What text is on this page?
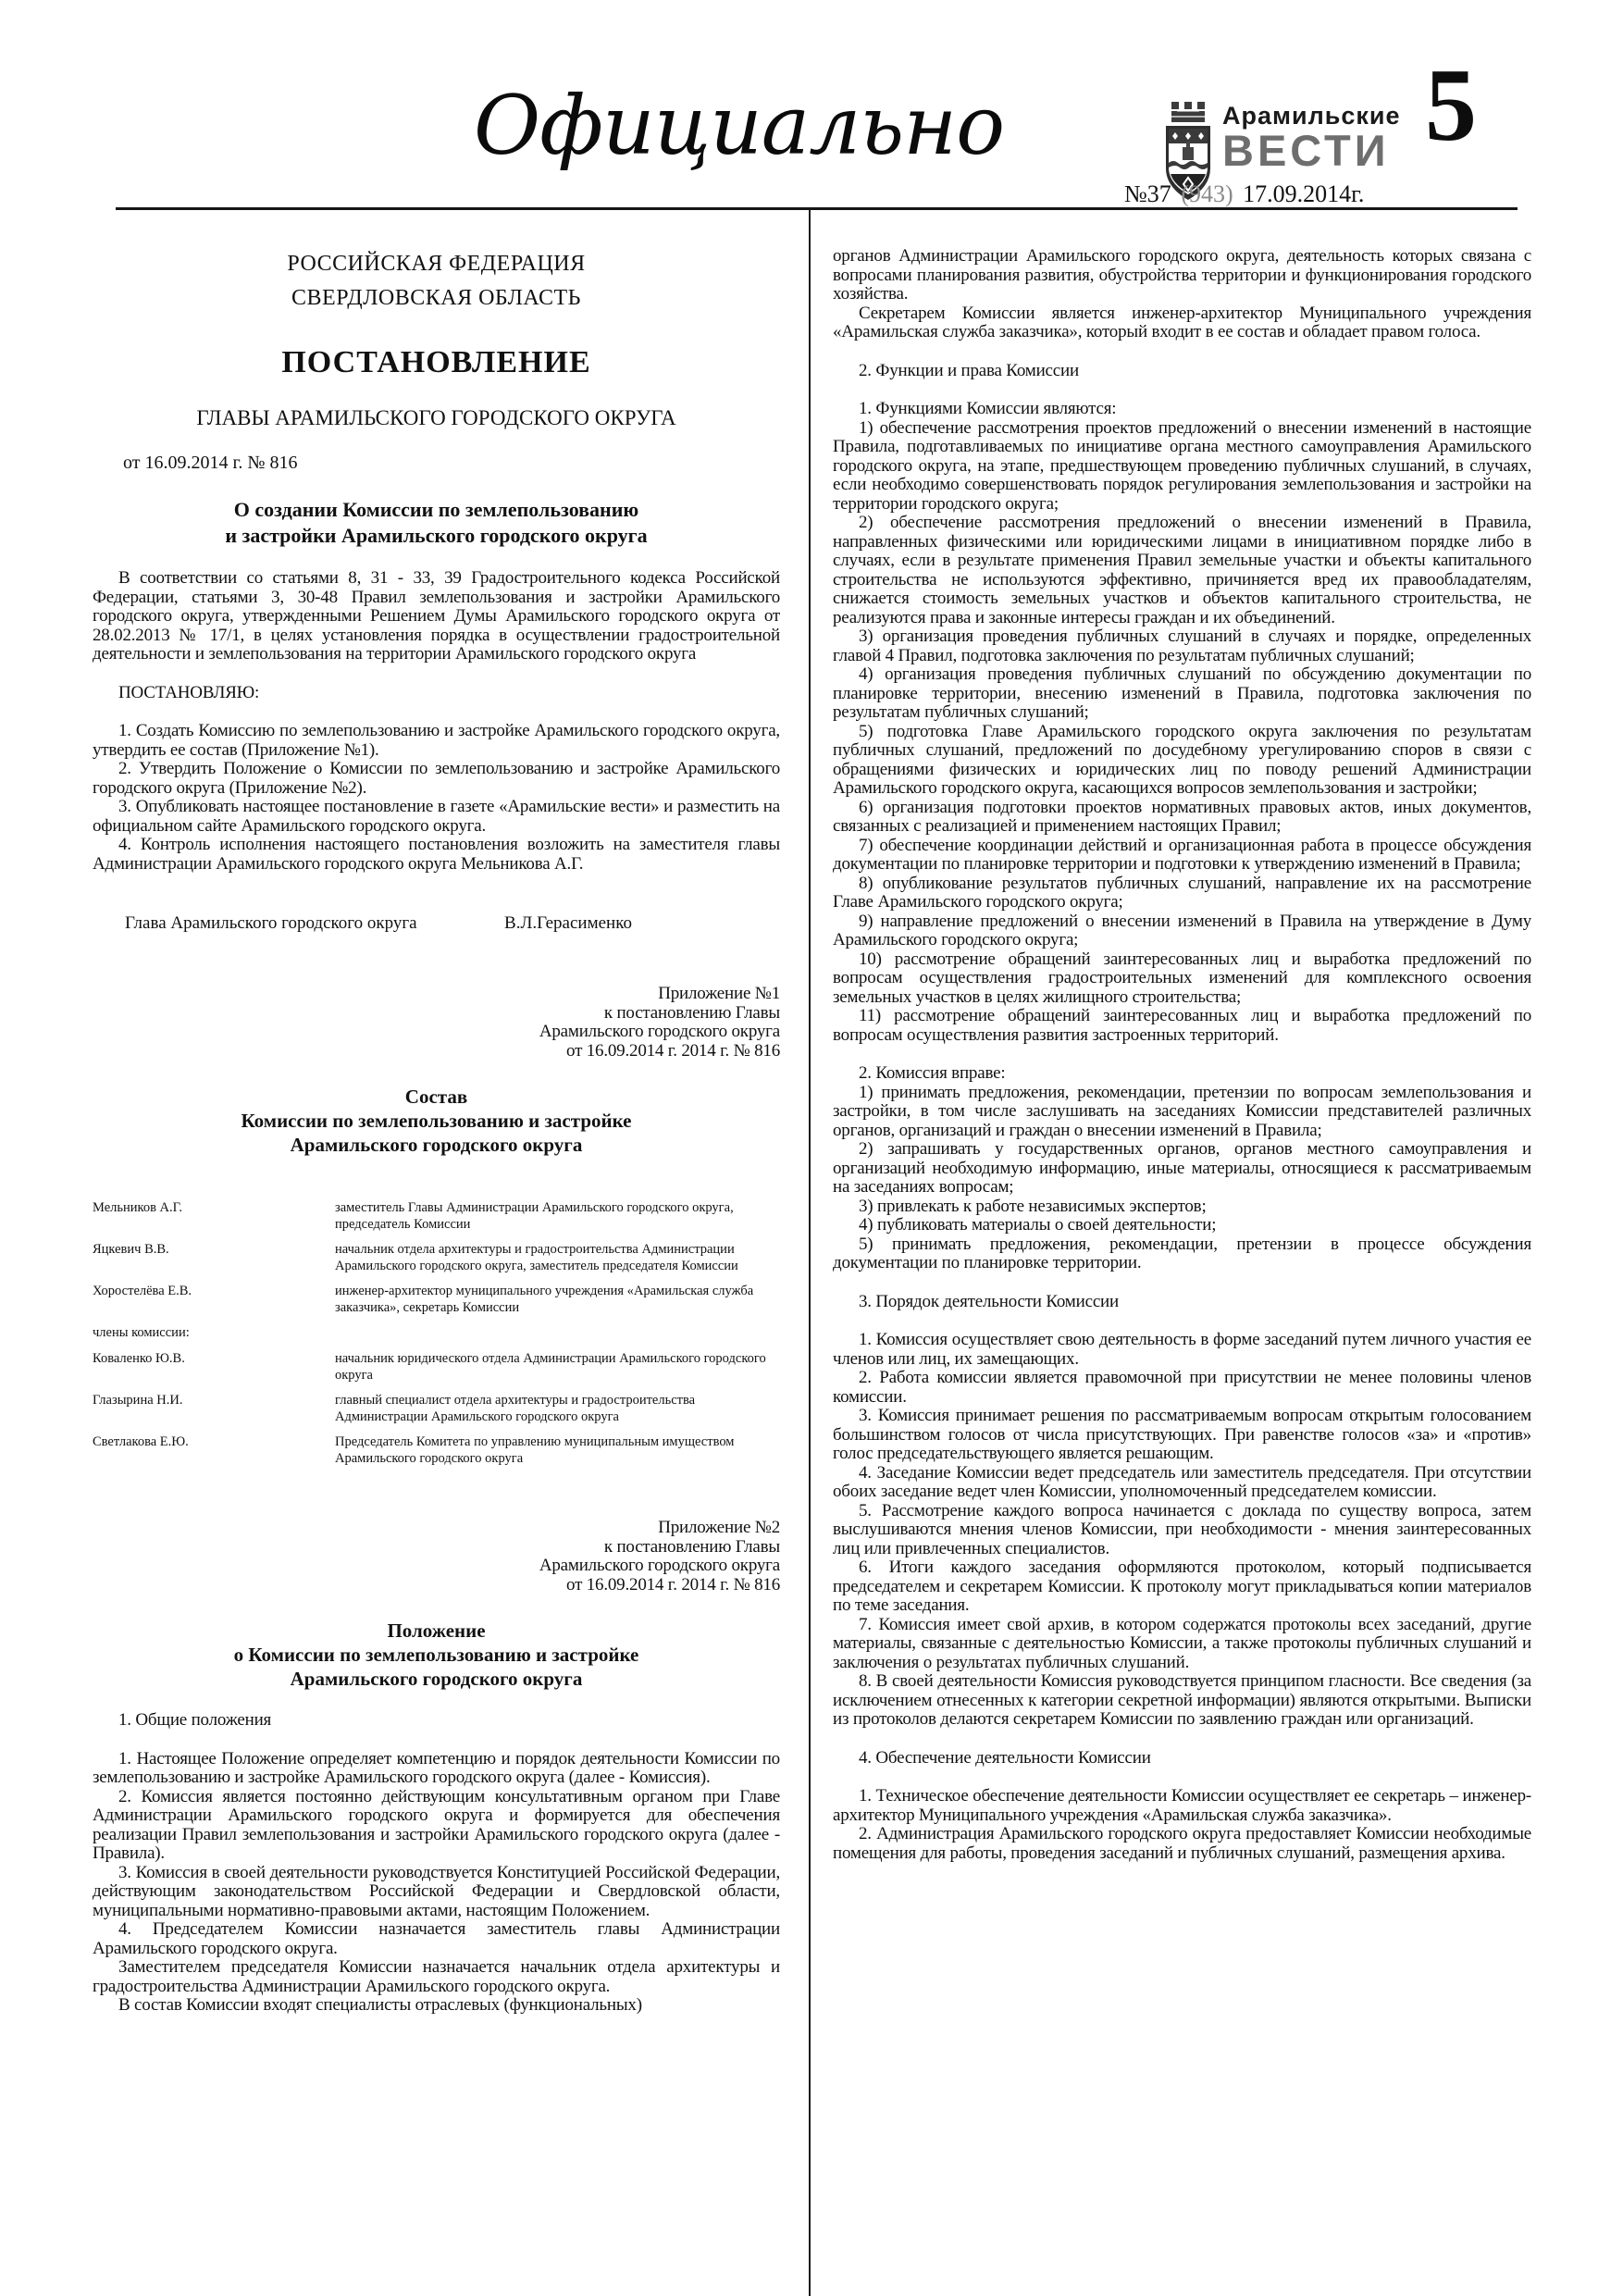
Официально	Арамильские
ВЕСТИ
№37 (943) 17.09.2014г.
5

РОССИЙСКАЯ ФЕДЕРАЦИЯ

СВЕРДЛОВСКАЯ ОБЛАСТЬ

ПОСТАНОВЛЕНИЕ

ГЛАВЫ АРАМИЛЬСКОГО ГОРОДСКОГО ОКРУГА

от 16.09.2014 г. № 816

О создании Комиссии по землепользованию
и застройки Арамильского городского округа

В соответствии со статьями 8, 31 - 33, 39 Градостроительного кодекса Российской Федерации, статьями 3, 30-48 Правил землепользования и застройки Арамильского городского округа, утвержденными Решением Думы Арамильского городского округа от 28.02.2013 № 17/1, в целях установления порядка в осуществлении градостроительной деятельности и землепользования на территории Арамильского городского округа

ПОСТАНОВЛЯЮ:

1. Создать Комиссию по землепользованию и застройке Арамильского городского округа, утвердить ее состав (Приложение №1).

2. Утвердить Положение о Комиссии по землепользованию и застройке Арамильского городского округа (Приложение №2).

3. Опубликовать настоящее постановление в газете «Арамильские вести» и разместить на официальном сайте Арамильского городского округа.

4. Контроль исполнения настоящего постановления возложить на заместителя главы Администрации Арамильского городского округа Мельникова А.Г.

Глава Арамильского городского округа	В.Л.Герасименко
Приложение №1
к постановлению Главы
Арамильского городского округа
от 16.09.2014 г. 2014 г. № 816
Состав
Комиссии по землепользованию и застройке
Арамильского городского округа
Мельников А.Г.	заместитель Главы Администрации Арамильского городского округа, председатель Комиссии
Яцкевич В.В.	начальник отдела архитектуры и градостроительства Администрации Арамильского городского округа, заместитель председателя Комиссии
Хоростелёва Е.В.	инженер-архитектор муниципального учреждения «Арамильская служба заказчика», секретарь Комиссии
члены комиссии:
Коваленко Ю.В.	начальник юридического отдела Администрации Арамильского городского округа
Глазырина Н.И.	главный специалист отдела архитектуры и градостроительства Администрации Арамильского городского округа
Светлакова Е.Ю.	Председатель Комитета по управлению муниципальным имуществом Арамильского городского округа
Приложение №2
к постановлению Главы
Арамильского городского округа
от 16.09.2014 г. 2014 г. № 816
Положение
о Комиссии по землепользованию и застройке
Арамильского городского округа

1. Общие положения

1. Настоящее Положение определяет компетенцию и порядок деятельности Комиссии по землепользованию и застройке Арамильского городского округа (далее - Комиссия).

2. Комиссия является постоянно действующим консультативным органом при Главе Администрации Арамильского городского округа и формируется для обеспечения реализации Правил землепользования и застройки Арамильского городского округа (далее - Правила).

3. Комиссия в своей деятельности руководствуется Конституцией Российской Федерации, действующим законодательством Российской Федерации и Свердловской области, муниципальными нормативно-правовыми актами, настоящим Положением.

4. Председателем Комиссии назначается заместитель главы Администрации Арамильского городского округа.

Заместителем председателя Комиссии назначается начальник отдела архитектуры и градостроительства Администрации Арамильского городского округа.

В состав Комиссии входят специалисты отраслевых (функциональных)

органов Администрации Арамильского городского округа, деятельность которых связана с вопросами планирования развития, обустройства территории и функционирования городского хозяйства.

Секретарем Комиссии является инженер-архитектор Муниципального учреждения «Арамильская служба заказчика», который входит в ее состав и обладает правом голоса.

2. Функции и права Комиссии

1. Функциями Комиссии являются:

1) обеспечение рассмотрения проектов предложений о внесении изменений в настоящие Правила, подготавливаемых по инициативе органа местного самоуправления Арамильского городского округа, на этапе, предшествующем проведению публичных слушаний, в случаях, если необходимо совершенствовать порядок регулирования землепользования и застройки на территории городского округа;

2) обеспечение рассмотрения предложений о внесении изменений в Правила, направленных физическими или юридическими лицами в инициативном порядке либо в случаях, если в результате применения Правил земельные участки и объекты капитального строительства не используются эффективно, причиняется вред их правообладателям, снижается стоимость земельных участков и объектов капитального строительства, не реализуются права и законные интересы граждан и их объединений.

3) организация проведения публичных слушаний в случаях и порядке, определенных главой 4 Правил, подготовка заключения по результатам публичных слушаний;

4) организация проведения публичных слушаний по обсуждению документации по планировке территории, внесению изменений в Правила, подготовка заключения по результатам публичных слушаний;

5) подготовка Главе Арамильского городского округа заключения по результатам публичных слушаний, предложений по досудебному урегулированию споров в связи с обращениями физических и юридических лиц по поводу решений Администрации Арамильского городского округа, касающихся вопросов землепользования и застройки;

6) организация подготовки проектов нормативных правовых актов, иных документов, связанных с реализацией и применением настоящих Правил;

7) обеспечение координации действий и организационная работа в процессе обсуждения документации по планировке территории и подготовки к утверждению изменений в Правила;

8) опубликование результатов публичных слушаний, направление их на рассмотрение Главе Арамильского городского округа;

9) направление предложений о внесении изменений в Правила на утверждение в Думу Арамильского городского округа;

10) рассмотрение обращений заинтересованных лиц и выработка предложений по вопросам осуществления градостроительных изменений для комплексного освоения земельных участков в целях жилищного строительства;

11) рассмотрение обращений заинтересованных лиц и выработка предложений по вопросам осуществления развития застроенных территорий.

2. Комиссия вправе:

1) принимать предложения, рекомендации, претензии по вопросам землепользования и застройки, в том числе заслушивать на заседаниях Комиссии представителей различных органов, организаций и граждан о внесении изменений в Правила;

2) запрашивать у государственных органов, органов местного самоуправления и организаций необходимую информацию, иные материалы, относящиеся к рассматриваемым на заседаниях вопросам;

3) привлекать к работе независимых экспертов;

4) публиковать материалы о своей деятельности;

5) принимать предложения, рекомендации, претензии в процессе обсуждения документации по планировке территории.

3. Порядок деятельности Комиссии

1. Комиссия осуществляет свою деятельность в форме заседаний путем личного участия ее членов или лиц, их замещающих.

2. Работа комиссии является правомочной при присутствии не менее половины членов комиссии.

3. Комиссия принимает решения по рассматриваемым вопросам открытым голосованием большинством голосов от числа присутствующих. При равенстве голосов «за» и «против» голос председательствующего является решающим.

4. Заседание Комиссии ведет председатель или заместитель председателя. При отсутствии обоих заседание ведет член Комиссии, уполномоченный председателем комиссии.

5. Рассмотрение каждого вопроса начинается с доклада по существу вопроса, затем выслушиваются мнения членов Комиссии, при необходимости - мнения заинтересованных лиц или привлеченных специалистов.

6. Итоги каждого заседания оформляются протоколом, который подписывается председателем и секретарем Комиссии. К протоколу могут прикладываться копии материалов по теме заседания.

7. Комиссия имеет свой архив, в котором содержатся протоколы всех заседаний, другие материалы, связанные с деятельностью Комиссии, а также протоколы публичных слушаний и заключения о результатах публичных слушаний.

8. В своей деятельности Комиссия руководствуется принципом гласности. Все сведения (за исключением отнесенных к категории секретной информации) являются открытыми. Выписки из протоколов делаются секретарем Комиссии по заявлению граждан или организаций.

4. Обеспечение деятельности Комиссии

1. Техническое обеспечение деятельности Комиссии осуществляет ее секретарь – инженер-архитектор Муниципального учреждения «Арамильская служба заказчика».

2. Администрация Арамильского городского округа предоставляет Комиссии необходимые помещения для работы, проведения заседаний и публичных слушаний, размещения архива.
